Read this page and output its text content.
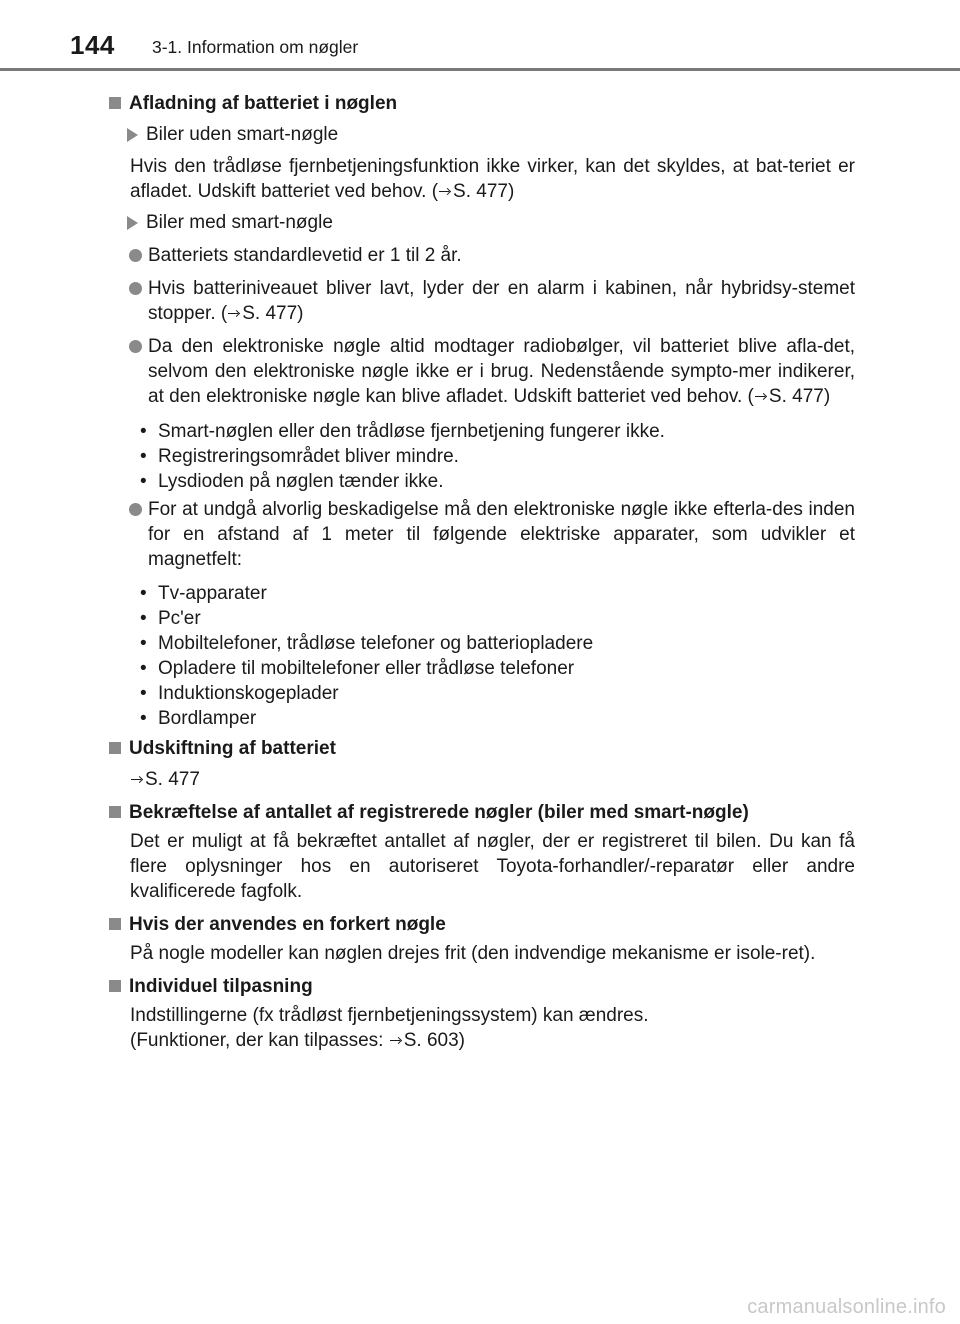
144 3-1. Information om nøgler
Afladning af batteriet i nøglen
Biler uden smart-nøgle
Hvis den trådløse fjernbetjeningsfunktion ikke virker, kan det skyldes, at bat-teriet er afladet. Udskift batteriet ved behov. ( S. 477)
Biler med smart-nøgle
Batteriets standardlevetid er 1 til 2 år.
Hvis batteriniveauet bliver lavt, lyder der en alarm i kabinen, når hybridsy-stemet stopper. ( S. 477)
Da den elektroniske nøgle altid modtager radiobølger, vil batteriet blive afla-det, selvom den elektroniske nøgle ikke er i brug. Nedenstående sympto-mer indikerer, at den elektroniske nøgle kan blive afladet. Udskift batteriet ved behov. ( S. 477)
• Smart-nøglen eller den trådløse fjernbetjening fungerer ikke.
• Registreringsområdet bliver mindre.
• Lysdioden på nøglen tænder ikke.
For at undgå alvorlig beskadigelse må den elektroniske nøgle ikke efterla-des inden for en afstand af 1 meter til følgende elektriske apparater, som udvikler et magnetfelt:
• Tv-apparater
• Pc'er
• Mobiltelefoner, trådløse telefoner og batteriopladere
• Opladere til mobiltelefoner eller trådløse telefoner
• Induktionskogeplader
• Bordlamper
Udskiftning af batteriet
S. 477
Bekræftelse af antallet af registrerede nøgler (biler med smart-nøgle)
Det er muligt at få bekræftet antallet af nøgler, der er registreret til bilen. Du kan få flere oplysninger hos en autoriseret Toyota-forhandler/-reparatør eller andre kvalificerede fagfolk.
Hvis der anvendes en forkert nøgle
På nogle modeller kan nøglen drejes frit (den indvendige mekanisme er isole-ret).
Individuel tilpasning
Indstillingerne (fx trådløst fjernbetjeningssystem) kan ændres.
(Funktioner, der kan tilpasses: S. 603)
carmanualsonline.info
